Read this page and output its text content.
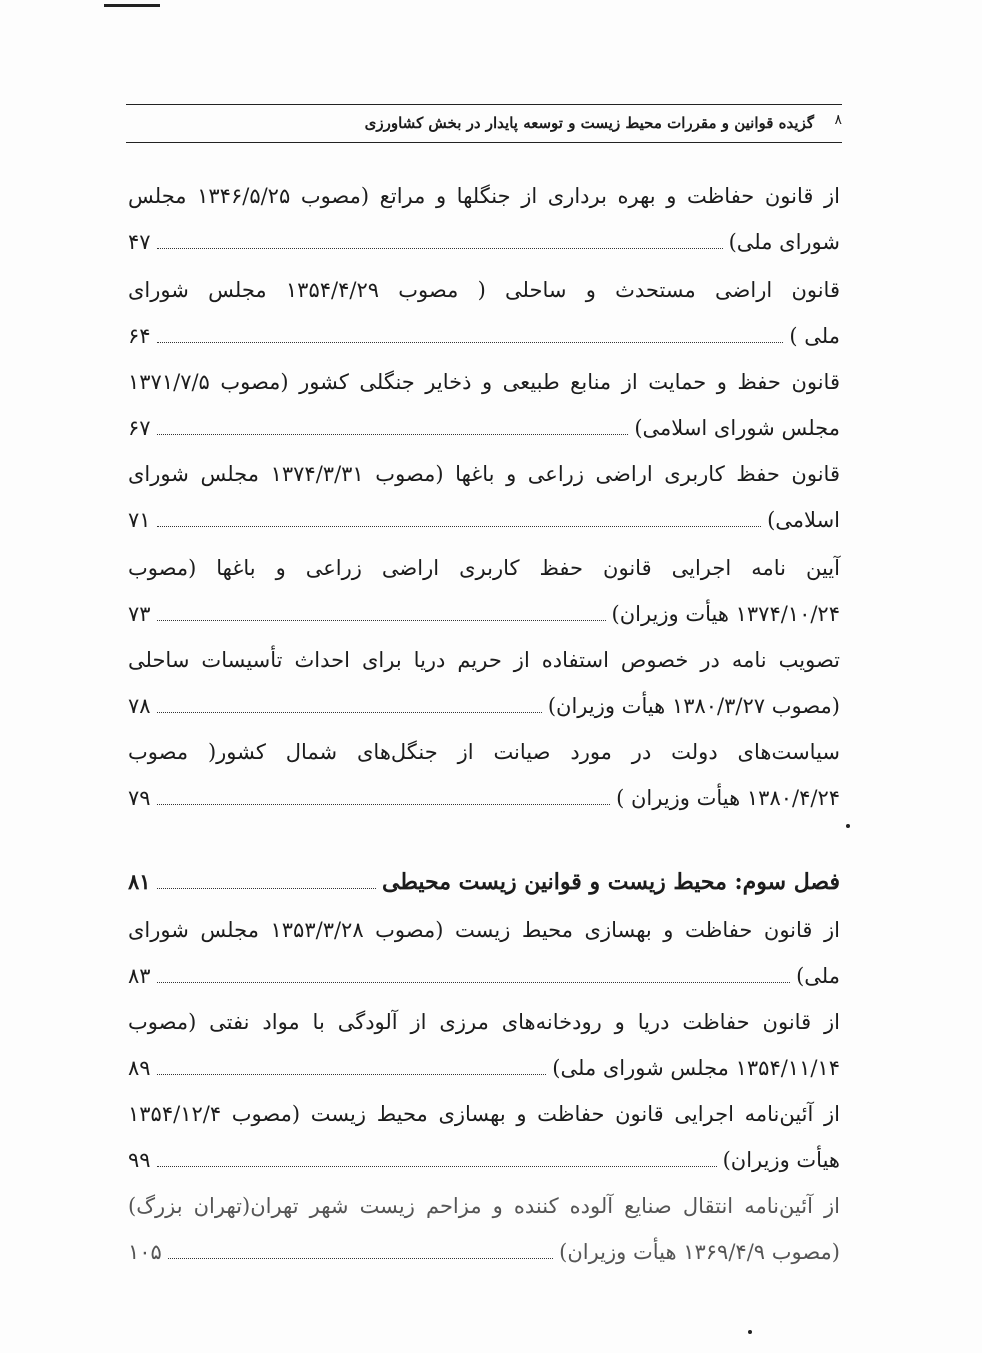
۸
گزیده قوانین و مقررات محیط زیست و توسعه پایدار در بخش کشاورزی
از قانون حفاظت و بهره برداری از جنگلها و مراتع (مصوب ۱۳۴۶/۵/۲۵ مجلس
شورای ملی)
۴۷
قانون اراضی مستحدث و ساحلی ( مصوب ۱۳۵۴/۴/۲۹ مجلس شورای
ملی )
۶۴
قانون حفظ و حمایت از منابع طبیعی و ذخایر جنگلی کشور (مصوب ۱۳۷۱/۷/۵
مجلس شورای اسلامی)
۶۷
قانون حفظ کاربری اراضی زراعی و باغها (مصوب ۱۳۷۴/۳/۳۱ مجلس شورای
اسلامی)
۷۱
آیین نامه اجرایی قانون حفظ کاربری اراضی زراعی و باغها (مصوب
۱۳۷۴/۱۰/۲۴ هیأت وزیران)
۷۳
تصویب نامه در خصوص استفاده از حریم دریا برای احداث تأسیسات ساحلی
(مصوب ۱۳۸۰/۳/۲۷ هیأت وزیران)
۷۸
سیاست‌های دولت در مورد صیانت از جنگل‌های شمال کشور( مصوب
۱۳۸۰/۴/۲۴ هیأت وزیران )
۷۹
فصل سوم: محیط زیست و قوانین زیست محیطی
۸۱
از قانون حفاظت و بهسازی محیط زیست (مصوب ۱۳۵۳/۳/۲۸ مجلس شورای
ملی)
۸۳
از قانون حفاظت دریا و رودخانه‌های مرزی از آلودگی با مواد نفتی (مصوب
۱۳۵۴/۱۱/۱۴ مجلس شورای ملی)
۸۹
از آئین‌نامه اجرایی قانون حفاظت و بهسازی محیط زیست (مصوب ۱۳۵۴/۱۲/۴
هیأت وزیران)
۹۹
از آئین‌نامه انتقال صنایع آلوده کننده و مزاحم زیست شهر تهران(تهران بزرگ)
(مصوب ۱۳۶۹/۴/۹ هیأت وزیران)
۱۰۵
